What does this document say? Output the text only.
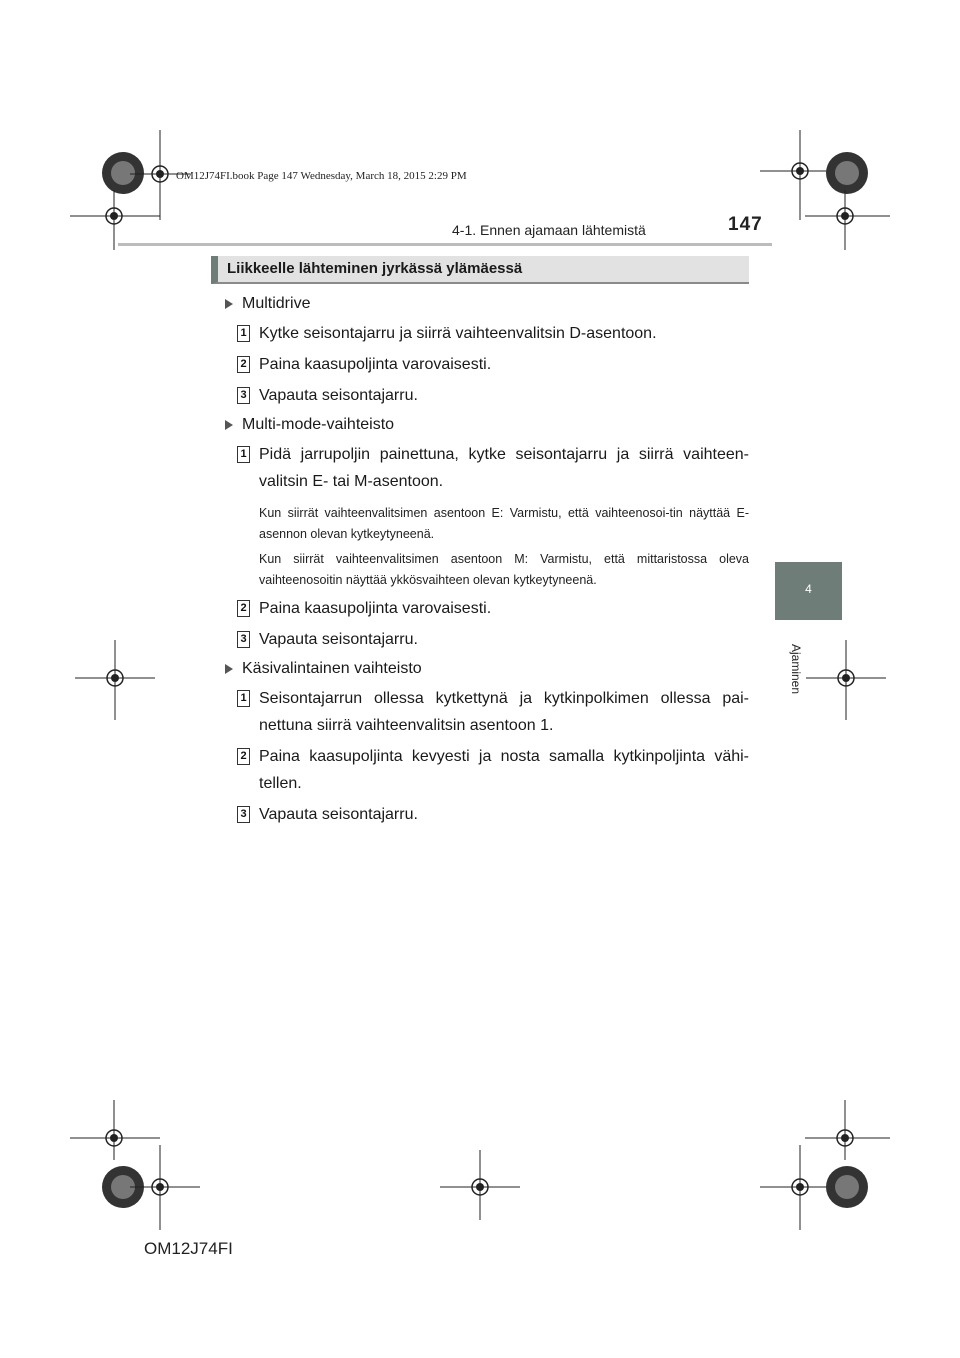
OM12J74FI.book Page 147 Wednesday, March 18, 2015 2:29 PM
4-1. Ennen ajamaan lähtemistä	147
4
Ajaminen
Liikkeelle lähteminen jyrkässä ylämäessä
Multidrive
1 Kytke seisontajarru ja siirrä vaihteenvalitsin D-asentoon.
2 Paina kaasupoljinta varovaisesti.
3 Vapauta seisontajarru.
Multi-mode-vaihteisto
1 Pidä jarrupoljin painettuna, kytke seisontajarru ja siirrä vaihteen-valitsin E- tai M-asentoon.
Kun siirrät vaihteenvalitsimen asentoon E: Varmistu, että vaihteenosoi-tin näyttää E-asennon olevan kytkeytyneenä.
Kun siirrät vaihteenvalitsimen asentoon M: Varmistu, että mittaristossa oleva vaihteenosoitin näyttää ykkösvaihteen olevan kytkeytyneenä.
2 Paina kaasupoljinta varovaisesti.
3 Vapauta seisontajarru.
Käsivalintainen vaihteisto
1 Seisontajarrun ollessa kytkettynä ja kytkinpolkimen ollessa pai-nettuna siirrä vaihteenvalitsin asentoon 1.
2 Paina kaasupoljinta kevyesti ja nosta samalla kytkinpoljinta vähi-tellen.
3 Vapauta seisontajarru.
OM12J74FI
